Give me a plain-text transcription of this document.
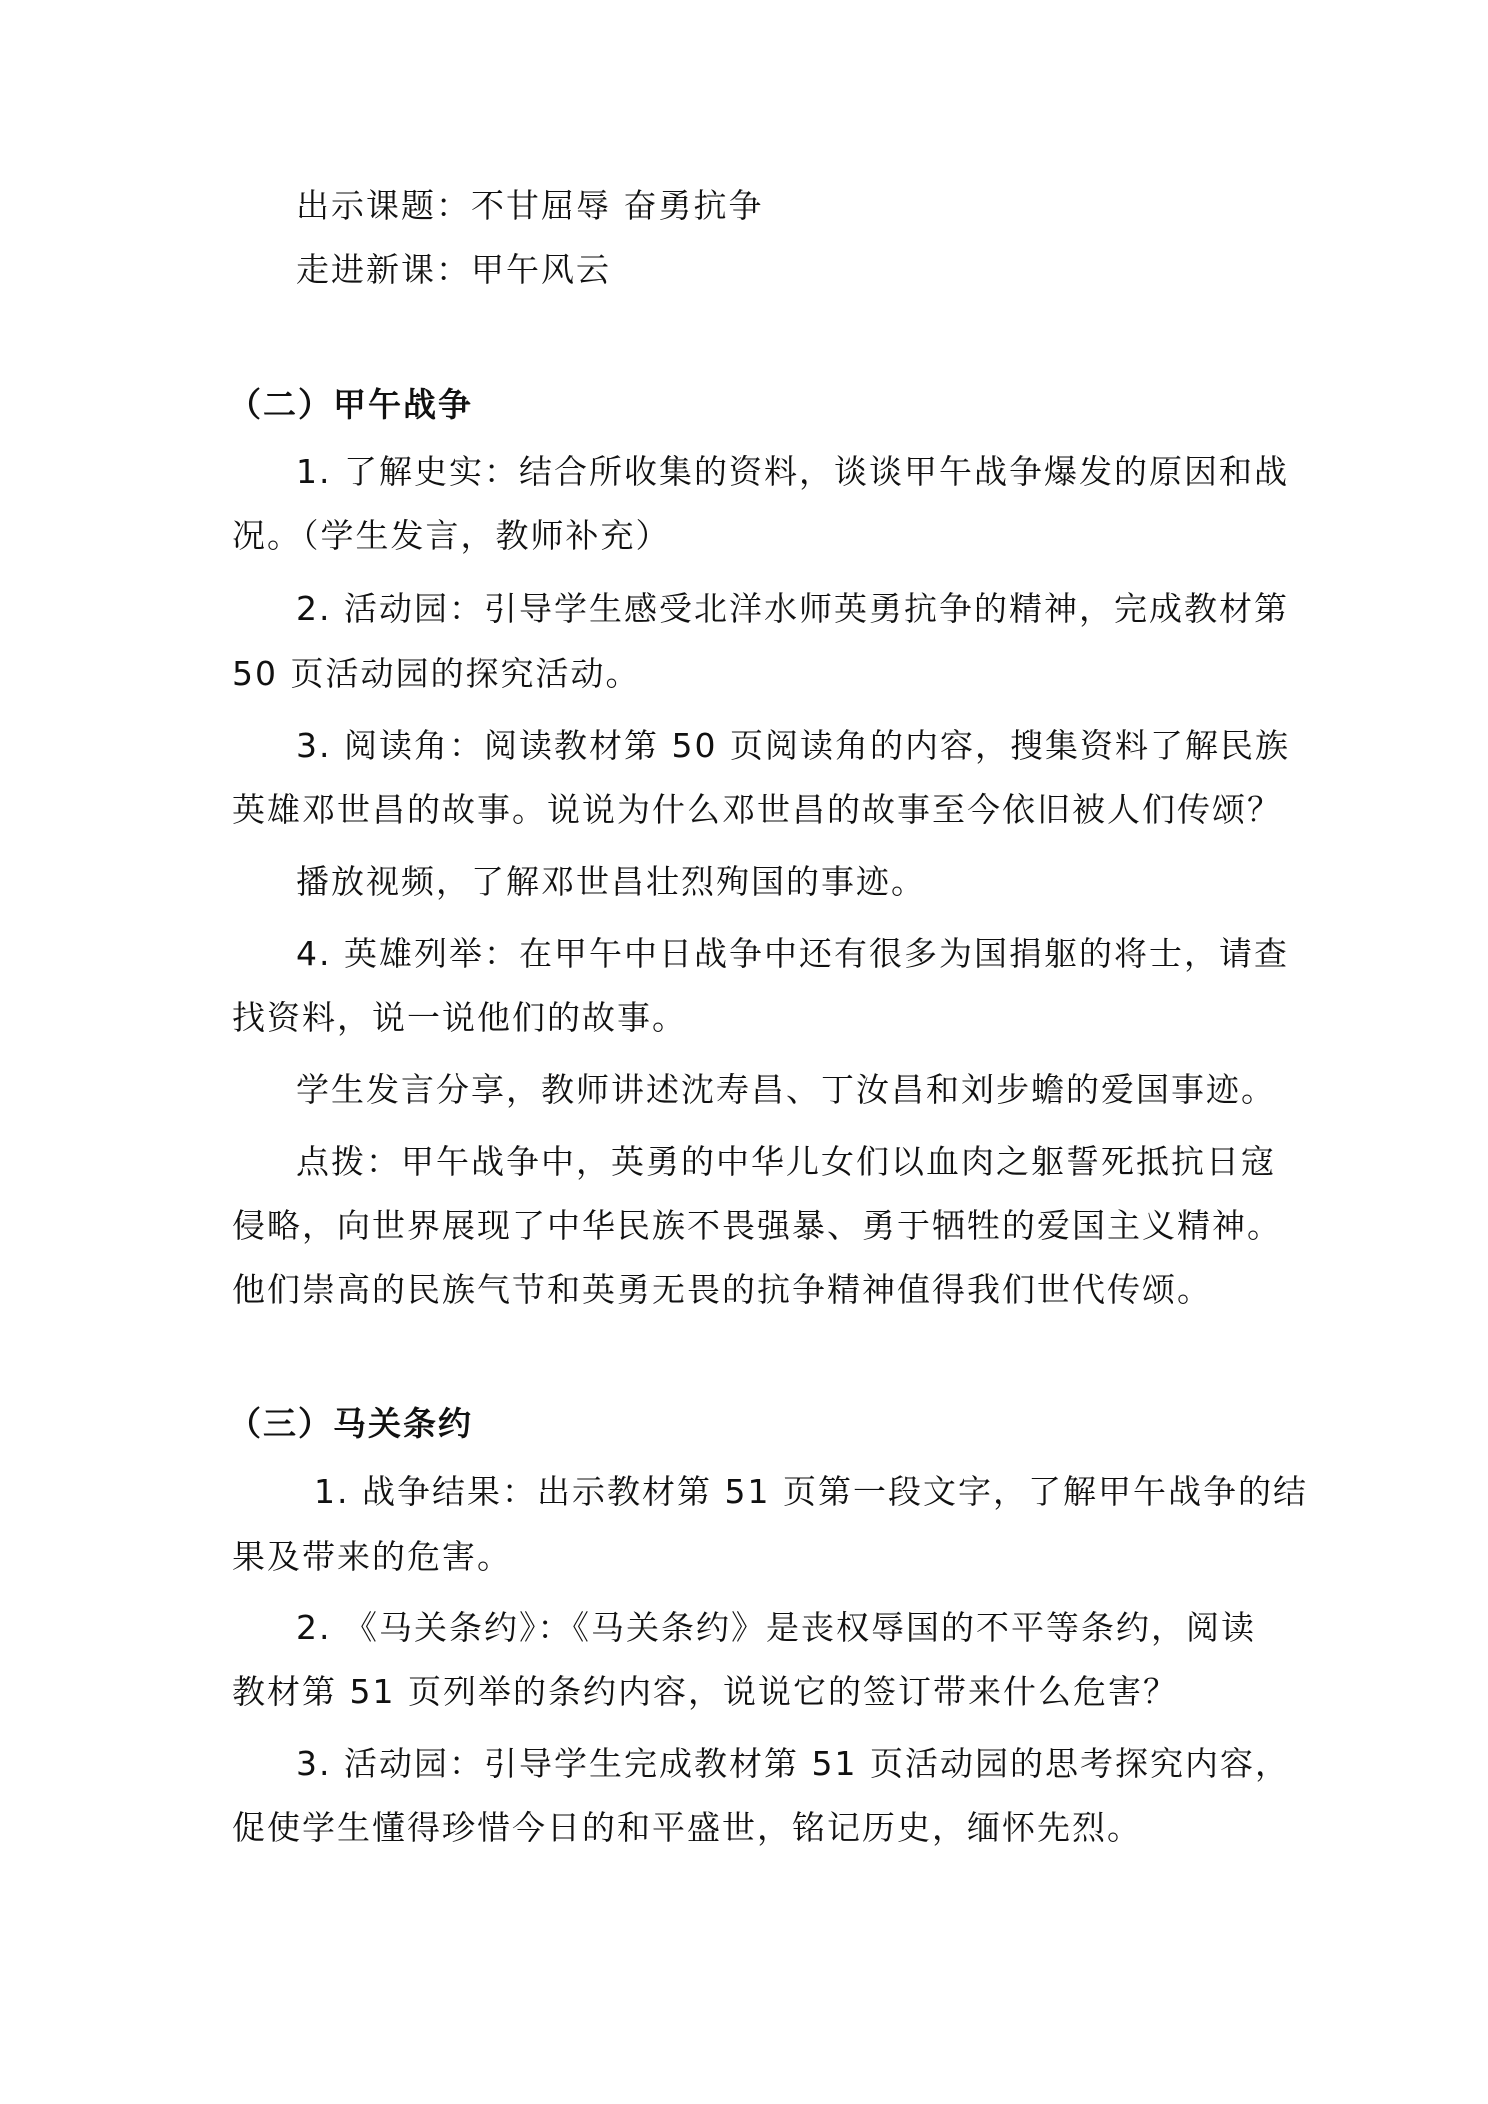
出示课题：不甘屈辱 奋勇抗争
走进新课：甲午风云
（二）甲午战争
1. 了解史实：结合所收集的资料，谈谈甲午战争爆发的原因和战
况。（学生发言，教师补充）
2. 活动园：引导学生感受北洋水师英勇抗争的精神，完成教材第
50 页活动园的探究活动。
3. 阅读角：阅读教材第 50 页阅读角的内容，搜集资料了解民族
英雄邓世昌的故事。说说为什么邓世昌的故事至今依旧被人们传颂？
播放视频，了解邓世昌壮烈殉国的事迹。
4. 英雄列举：在甲午中日战争中还有很多为国捐躯的将士，请查
找资料，说一说他们的故事。
学生发言分享，教师讲述沈寿昌、丁汝昌和刘步蟾的爱国事迹。
点拨：甲午战争中，英勇的中华儿女们以血肉之躯誓死抵抗日寇
侵略，向世界展现了中华民族不畏强暴、勇于牺牲的爱国主义精神。
他们崇高的民族气节和英勇无畏的抗争精神值得我们世代传颂。
（三）马关条约
1. 战争结果：出示教材第 51 页第一段文字，了解甲午战争的结
果及带来的危害。
2. 《马关条约》：《马关条约》是丧权辱国的不平等条约，阅读
教材第 51 页列举的条约内容，说说它的签订带来什么危害？
3. 活动园：引导学生完成教材第 51 页活动园的思考探究内容，
促使学生懂得珍惜今日的和平盛世，铭记历史，缅怀先烈。
